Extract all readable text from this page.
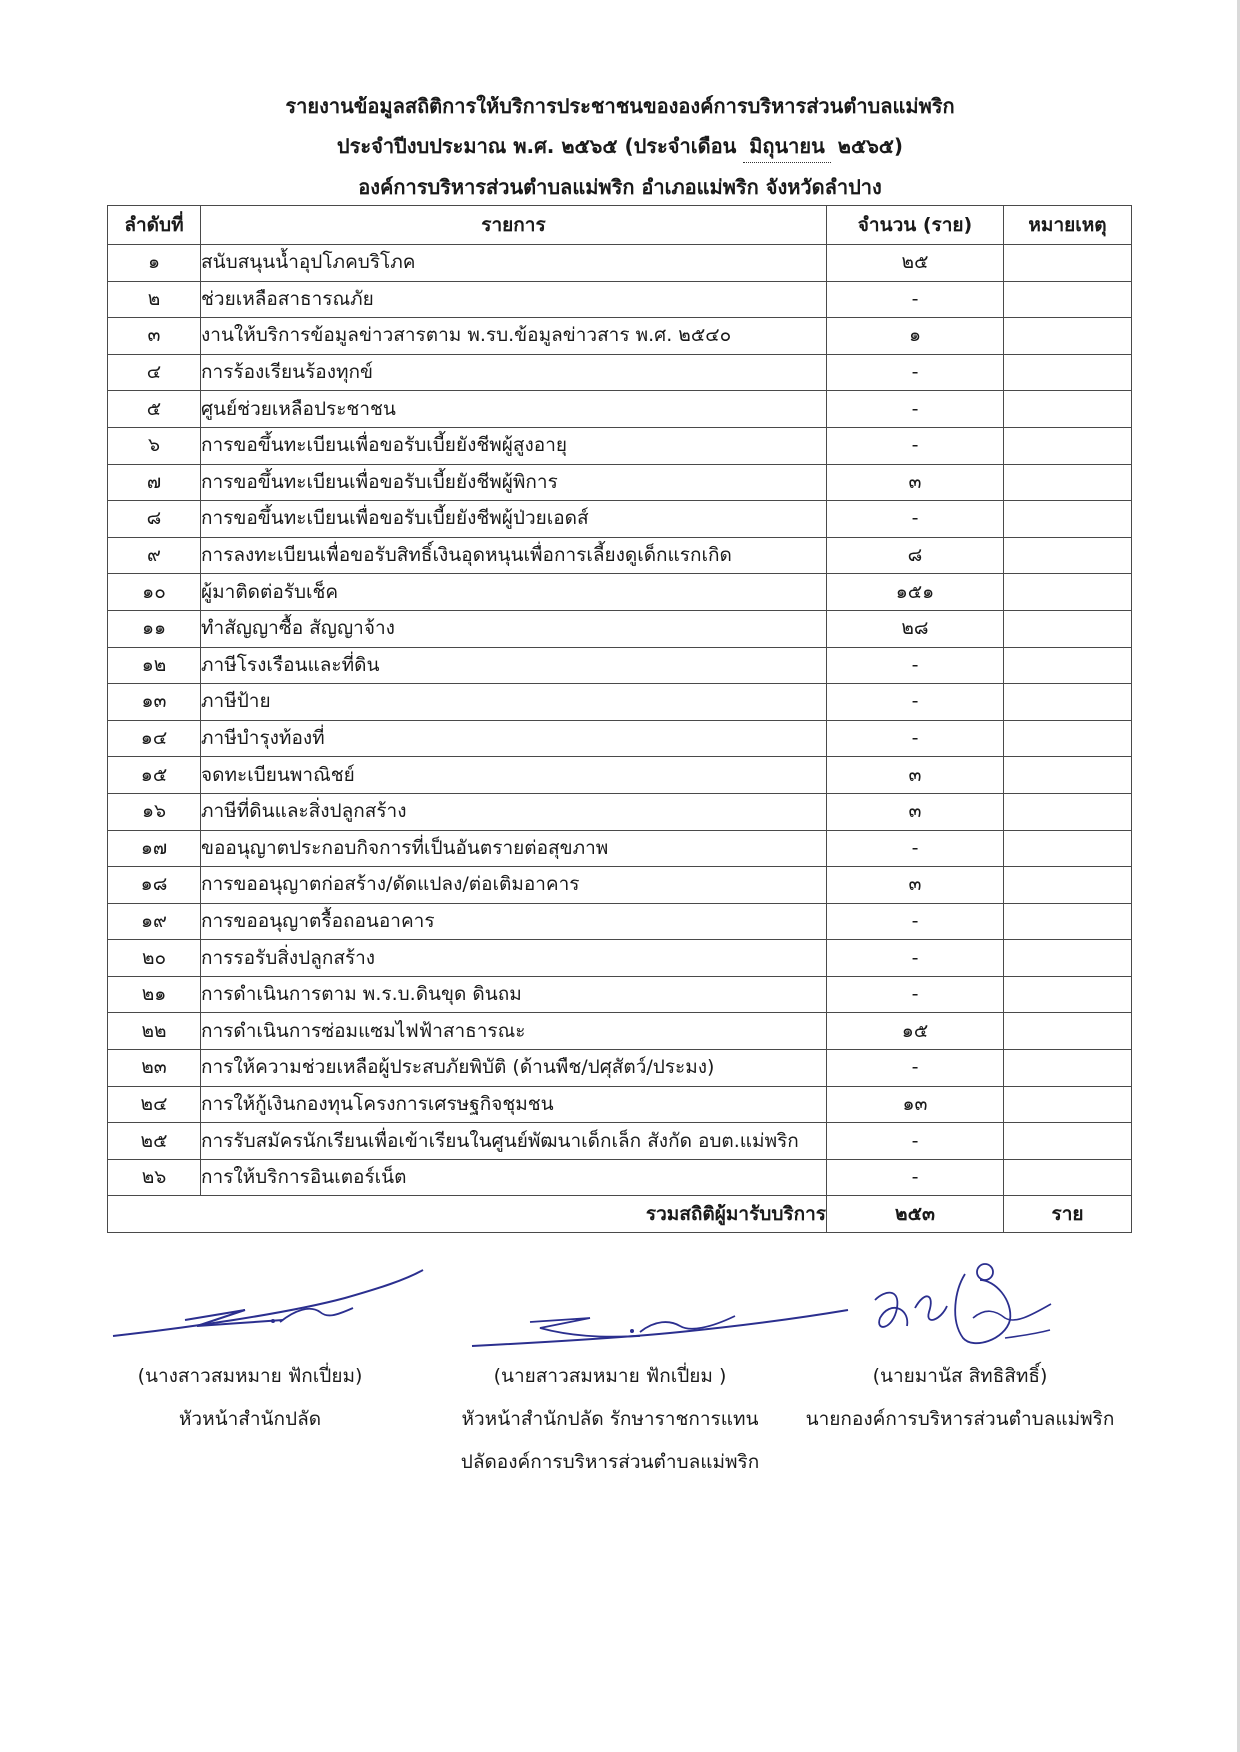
รายงานข้อมูลสถิติการให้บริการประชาชนขององค์การบริหารส่วนตำบลแม่พริก
ประจำปีงบประมาณ พ.ศ. ๒๕๖๕ (ประจำเดือน มิถุนายน ๒๕๖๕)
องค์การบริหารส่วนตำบลแม่พริก อำเภอแม่พริก จังหวัดลำปาง
ลำดับที่	รายการ	จำนวน (ราย)	หมายเหตุ
๑	สนับสนุนน้ำอุปโภคบริโภค	๒๕	
๒	ช่วยเหลือสาธารณภัย	-	
๓	งานให้บริการข้อมูลข่าวสารตาม พ.รบ.ข้อมูลข่าวสาร พ.ศ. ๒๕๔๐	๑	
๔	การร้องเรียนร้องทุกข์	-	
๕	ศูนย์ช่วยเหลือประชาชน	-	
๖	การขอขึ้นทะเบียนเพื่อขอรับเบี้ยยังชีพผู้สูงอายุ	-	
๗	การขอขึ้นทะเบียนเพื่อขอรับเบี้ยยังชีพผู้พิการ	๓	
๘	การขอขึ้นทะเบียนเพื่อขอรับเบี้ยยังชีพผู้ป่วยเอดส์	-	
๙	การลงทะเบียนเพื่อขอรับสิทธิ์เงินอุดหนุนเพื่อการเลี้ยงดูเด็กแรกเกิด	๘	
๑๐	ผู้มาติดต่อรับเช็ค	๑๕๑	
๑๑	ทำสัญญาซื้อ สัญญาจ้าง	๒๘	
๑๒	ภาษีโรงเรือนและที่ดิน	-	
๑๓	ภาษีป้าย	-	
๑๔	ภาษีบำรุงท้องที่	-	
๑๕	จดทะเบียนพาณิชย์	๓	
๑๖	ภาษีที่ดินและสิ่งปลูกสร้าง	๓	
๑๗	ขออนุญาตประกอบกิจการที่เป็นอันตรายต่อสุขภาพ	-	
๑๘	การขออนุญาตก่อสร้าง/ดัดแปลง/ต่อเติมอาคาร	๓	
๑๙	การขออนุญาตรื้อถอนอาคาร	-	
๒๐	การรอรับสิ่งปลูกสร้าง	-	
๒๑	การดำเนินการตาม พ.ร.บ.ดินขุด ดินถม	-	
๒๒	การดำเนินการซ่อมแซมไฟฟ้าสาธารณะ	๑๕	
๒๓	การให้ความช่วยเหลือผู้ประสบภัยพิบัติ (ด้านพืช/ปศุสัตว์/ประมง)	-	
๒๔	การให้กู้เงินกองทุนโครงการเศรษฐกิจชุมชน	๑๓	
๒๕	การรับสมัครนักเรียนเพื่อเข้าเรียนในศูนย์พัฒนาเด็กเล็ก สังกัด อบต.แม่พริก	-	
๒๖	การให้บริการอินเตอร์เน็ต	-	
รวมสถิติผู้มารับบริการ		๒๕๓	ราย
(นางสาวสมหมาย ฟักเปี่ยม)
หัวหน้าสำนักปลัด
(นายสาวสมหมาย ฟักเปี่ยม )
หัวหน้าสำนักปลัด รักษาราชการแทน
ปลัดองค์การบริหารส่วนตำบลแม่พริก
(นายมานัส สิทธิสิทธิ์)
นายกองค์การบริหารส่วนตำบลแม่พริก
